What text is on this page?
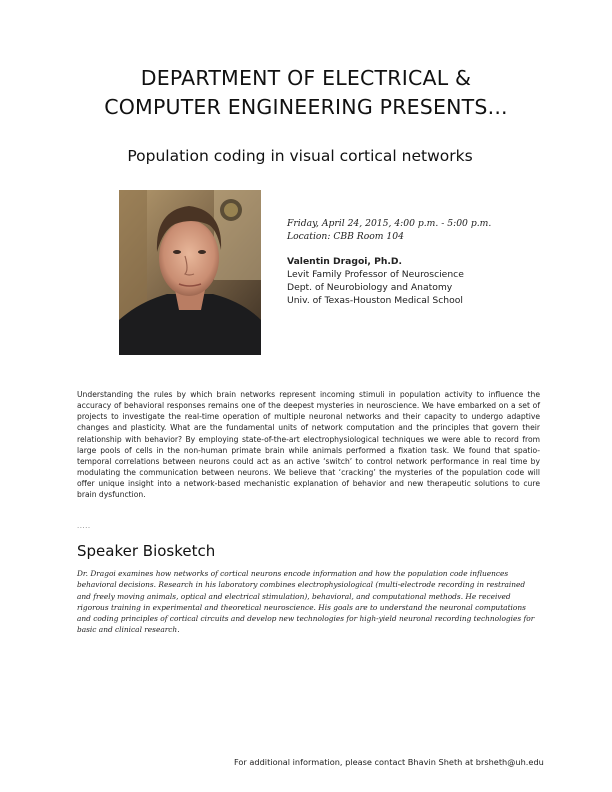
DEPARTMENT OF ELECTRICAL &
COMPUTER ENGINEERING PRESENTS...
Population coding in visual cortical networks
Friday, April 24, 2015, 4:00 p.m. - 5:00 p.m.
Location: CBB Room 104
Valentin Dragoi, Ph.D.
Levit Family Professor of Neuroscience
Dept. of Neurobiology and Anatomy
Univ. of Texas-Houston Medical School
Understanding the rules by which brain networks represent incoming stimuli in population activity to influence the accuracy of behavioral responses remains one of the deepest mysteries in neuroscience. We have embarked on a set of projects to investigate the real-time operation of multiple neuronal networks and their capacity to undergo adaptive changes and plasticity. What are the fundamental units of network computation and the principles that govern their relationship with behavior? By employing state-of-the-art electrophysiological techniques we were able to record from large pools of cells in the non-human primate brain while animals performed a fixation task. We found that spatio-temporal correlations between neurons could act as an active ‘switch’ to control network performance in real time by modulating the communication between neurons. We believe that ‘cracking’ the mysteries of the population code will offer unique insight into a network-based mechanistic explanation of behavior and new therapeutic solutions to cure brain dysfunction.
·····
Speaker Biosketch
Dr. Dragoi examines how networks of cortical neurons encode information and how the population code influences behavioral decisions. Research in his laboratory combines electrophysiological (multi-electrode recording in restrained and freely moving animals, optical and electrical stimulation), behavioral, and computational methods. He received rigorous training in experimental and theoretical neuroscience. His goals are to understand the neuronal computations and coding principles of cortical circuits and develop new technologies for high-yield neuronal recording technologies for basic and clinical research.
For additional information, please contact Bhavin Sheth at brsheth@uh.edu
